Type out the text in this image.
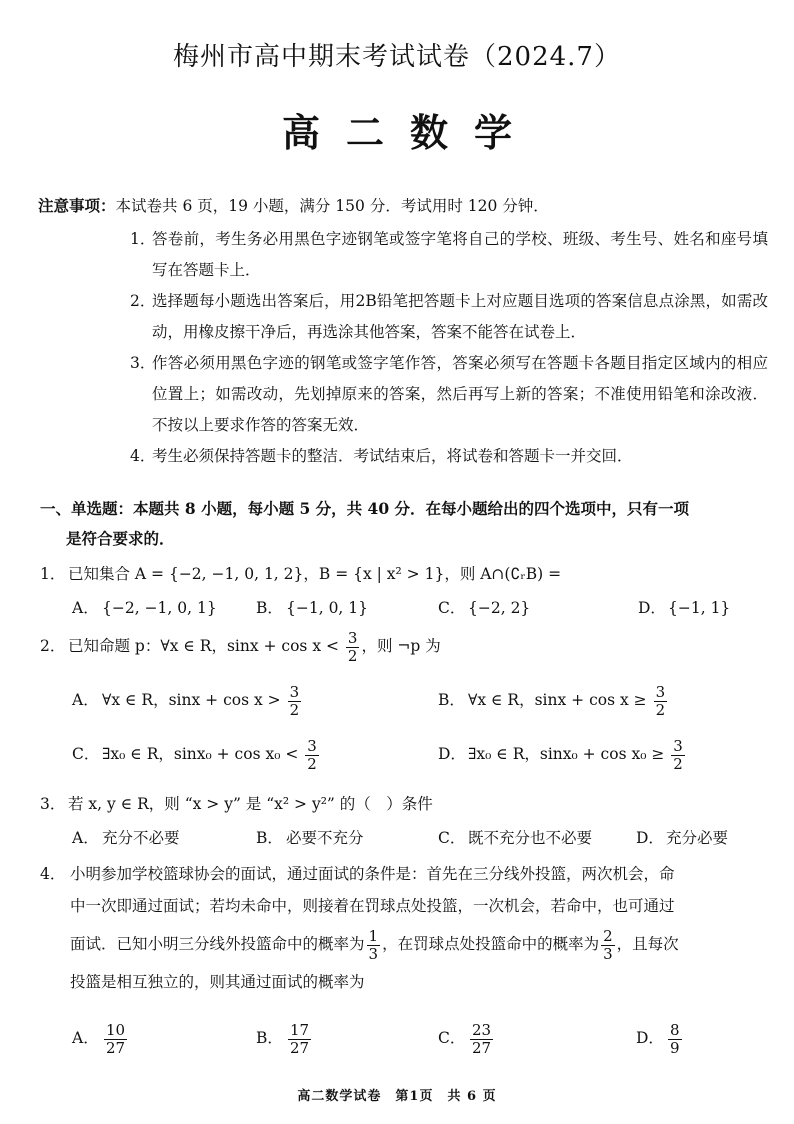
梅州市高中期末考试试卷（2024.7）
高二数学
注意事项：本试卷共 6 页，19 小题，满分 150 分．考试用时 120 分钟．
1．
答卷前，考生务必用黑色字迹钢笔或签字笔将自己的学校、班级、考生号、姓名和座号填写在答题卡上．
2．
选择题每小题选出答案后，用2B铅笔把答题卡上对应题目选项的答案信息点涂黑，如需改动，用橡皮擦干净后，再选涂其他答案，答案不能答在试卷上．
3．
作答必须用黑色字迹的钢笔或签字笔作答，答案必须写在答题卡各题目指定区域内的相应位置上；如需改动，先划掉原来的答案，然后再写上新的答案；不准使用铅笔和涂改液．不按以上要求作答的答案无效．
4．
考生必须保持答题卡的整洁．考试结束后，将试卷和答题卡一并交回．
一、单选题：本题共 8 小题，每小题 5 分，共 40 分．在每小题给出的四个选项中，只有一项
是符合要求的．
1． 已知集合 A = {−2, −1, 0, 1, 2}，B = {x | x² > 1}，则 A∩(∁ᵣB) =
A． {−2, −1, 0, 1}	B． {−1, 0, 1}	C． {−2, 2}	D． {−1, 1}
2． 已知命题 p：∀x ∈ R，$\sin x + \cos x < \frac{3}{2}$ ，则 ¬p 为
A． ∀x ∈ R，$\sin x + \cos x > \frac{3}{2}$	B． ∀x ∈ R，$\sin x + \cos x \ge \frac{3}{2}$
C． ∃x₀ ∈ R，$\sin x_0 + \cos x_0 < \frac{3}{2}$	D． ∃x₀ ∈ R，$\sin x_0 + \cos x_0 \ge \frac{3}{2}$
3． 若 x, y ∈ R，则 “x > y” 是 “x² > y²” 的（　）条件
A． 充分不必要	B． 必要不充分	C． 既不充分也不必要	D． 充分必要
4． 小明参加学校篮球协会的面试，通过面试的条件是：首先在三分线外投篮，两次机会，命
中一次即通过面试；若均未命中，则接着在罚球点处投篮，一次机会，若命中，也可通过
面试．已知小明三分线外投篮命中的概率为 $\frac{1}{3}$ ，在罚球点处投篮命中的概率为 $\frac{2}{3}$ ，且每次
投篮是相互独立的，则其通过面试的概率为
A． $\frac{10}{27}$	B． $\frac{17}{27}$	C． $\frac{23}{27}$	D． $\frac{8}{9}$
高二数学试卷　第1页　共 6 页
